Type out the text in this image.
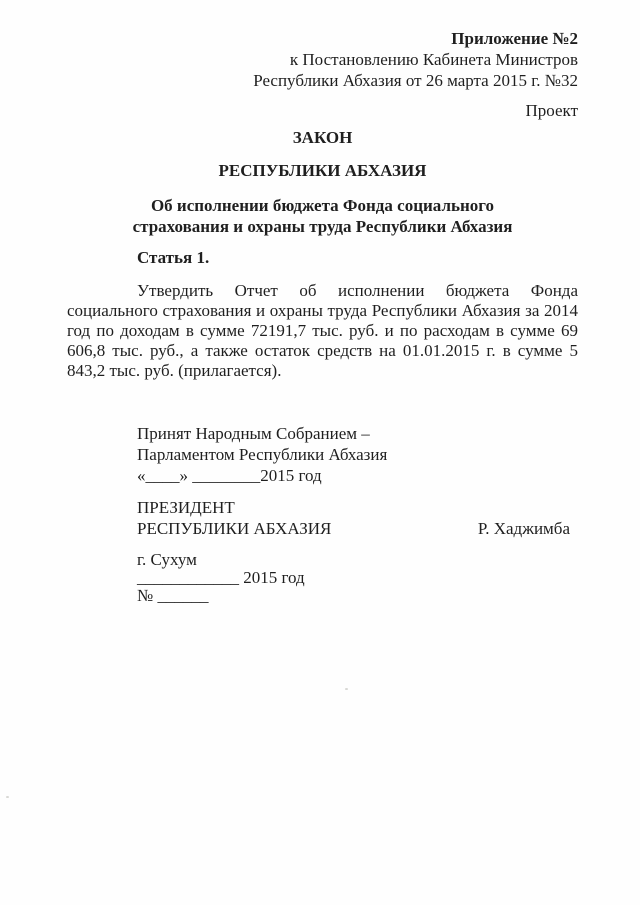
Приложение №2
к Постановлению Кабинета Министров
Республики Абхазия от 26 марта 2015 г. №32
Проект
ЗАКОН
РЕСПУБЛИКИ АБХАЗИЯ
Об исполнении бюджета Фонда социального
страхования и охраны труда Республики Абхазия
Статья 1.

Утвердить Отчет об исполнении бюджета Фонда социального страхования и охраны труда Республики Абхазия за 2014 год по доходам в сумме 72191,7 тыс. руб. и по расходам в сумме 69 606,8 тыс. руб., а также остаток средств на 01.01.2015 г. в сумме 5 843,2 тыс. руб. (прилагается).

Принят Народным Собранием –
Парламентом Республики Абхазия
«____» ________2015 год
ПРЕЗИДЕНТ
РЕСПУБЛИКИ АБХАЗИЯ	Р. Хаджимба
г. Сухум
____________ 2015 год
№ ______
